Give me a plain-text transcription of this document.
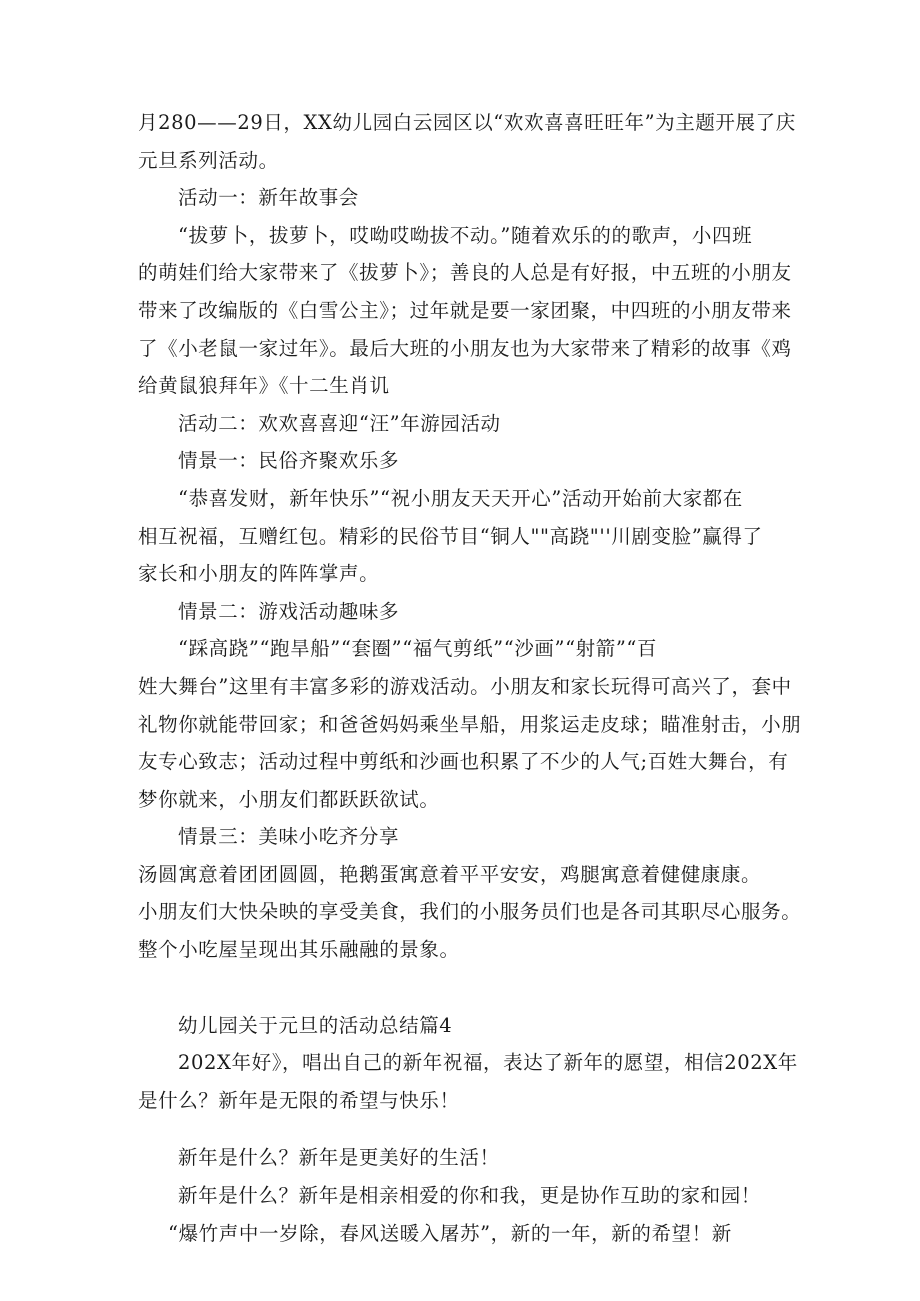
月280——29日，XX幼儿园白云园区以“欢欢喜喜旺旺年”为主题开展了庆

元旦系列活动。

活动一：新年故事会

“拔萝卜，拔萝卜，哎呦哎呦拔不动。”随着欢乐的的歌声，小四班

的萌娃们给大家带来了《拔萝卜》；善良的人总是有好报，中五班的小朋友

带来了改编版的《白雪公主》；过年就是要一家团聚，中四班的小朋友带来

了《小老鼠一家过年》。最后大班的小朋友也为大家带来了精彩的故事《鸡

给黄鼠狼拜年》《十二生肖讥

活动二：欢欢喜喜迎“汪”年游园活动

情景一：民俗齐聚欢乐多

“恭喜发财，新年快乐”“祝小朋友天天开心”活动开始前大家都在

相互祝福，互赠红包。精彩的民俗节目“铜人""高跷"''川剧变脸”赢得了

家长和小朋友的阵阵掌声。

情景二：游戏活动趣味多

“踩高跷”“跑旱船”“套圈”“福气剪纸”“沙画”“射箭”“百

姓大舞台”这里有丰富多彩的游戏活动。小朋友和家长玩得可高兴了，套中

礼物你就能带回家；和爸爸妈妈乘坐旱船，用浆运走皮球；瞄准射击，小朋

友专心致志；活动过程中剪纸和沙画也积累了不少的人气;百姓大舞台，有

梦你就来，小朋友们都跃跃欲试。

情景三：美味小吃齐分享

汤圆寓意着团团圆圆，艳鹅蛋寓意着平平安安，鸡腿寓意着健健康康。

小朋友们大快朵映的享受美食，我们的小服务员们也是各司其职尽心服务。

整个小吃屋呈现出其乐融融的景象。

幼儿园关于元旦的活动总结篇4

202X年好》，唱出自己的新年祝福，表达了新年的愿望，相信202X年

是什么？新年是无限的希望与快乐！

新年是什么？新年是更美好的生活！

新年是什么？新年是相亲相爱的你和我，更是协作互助的家和园！

“爆竹声中一岁除，春风送暖入屠苏”，新的一年，新的希望！新
